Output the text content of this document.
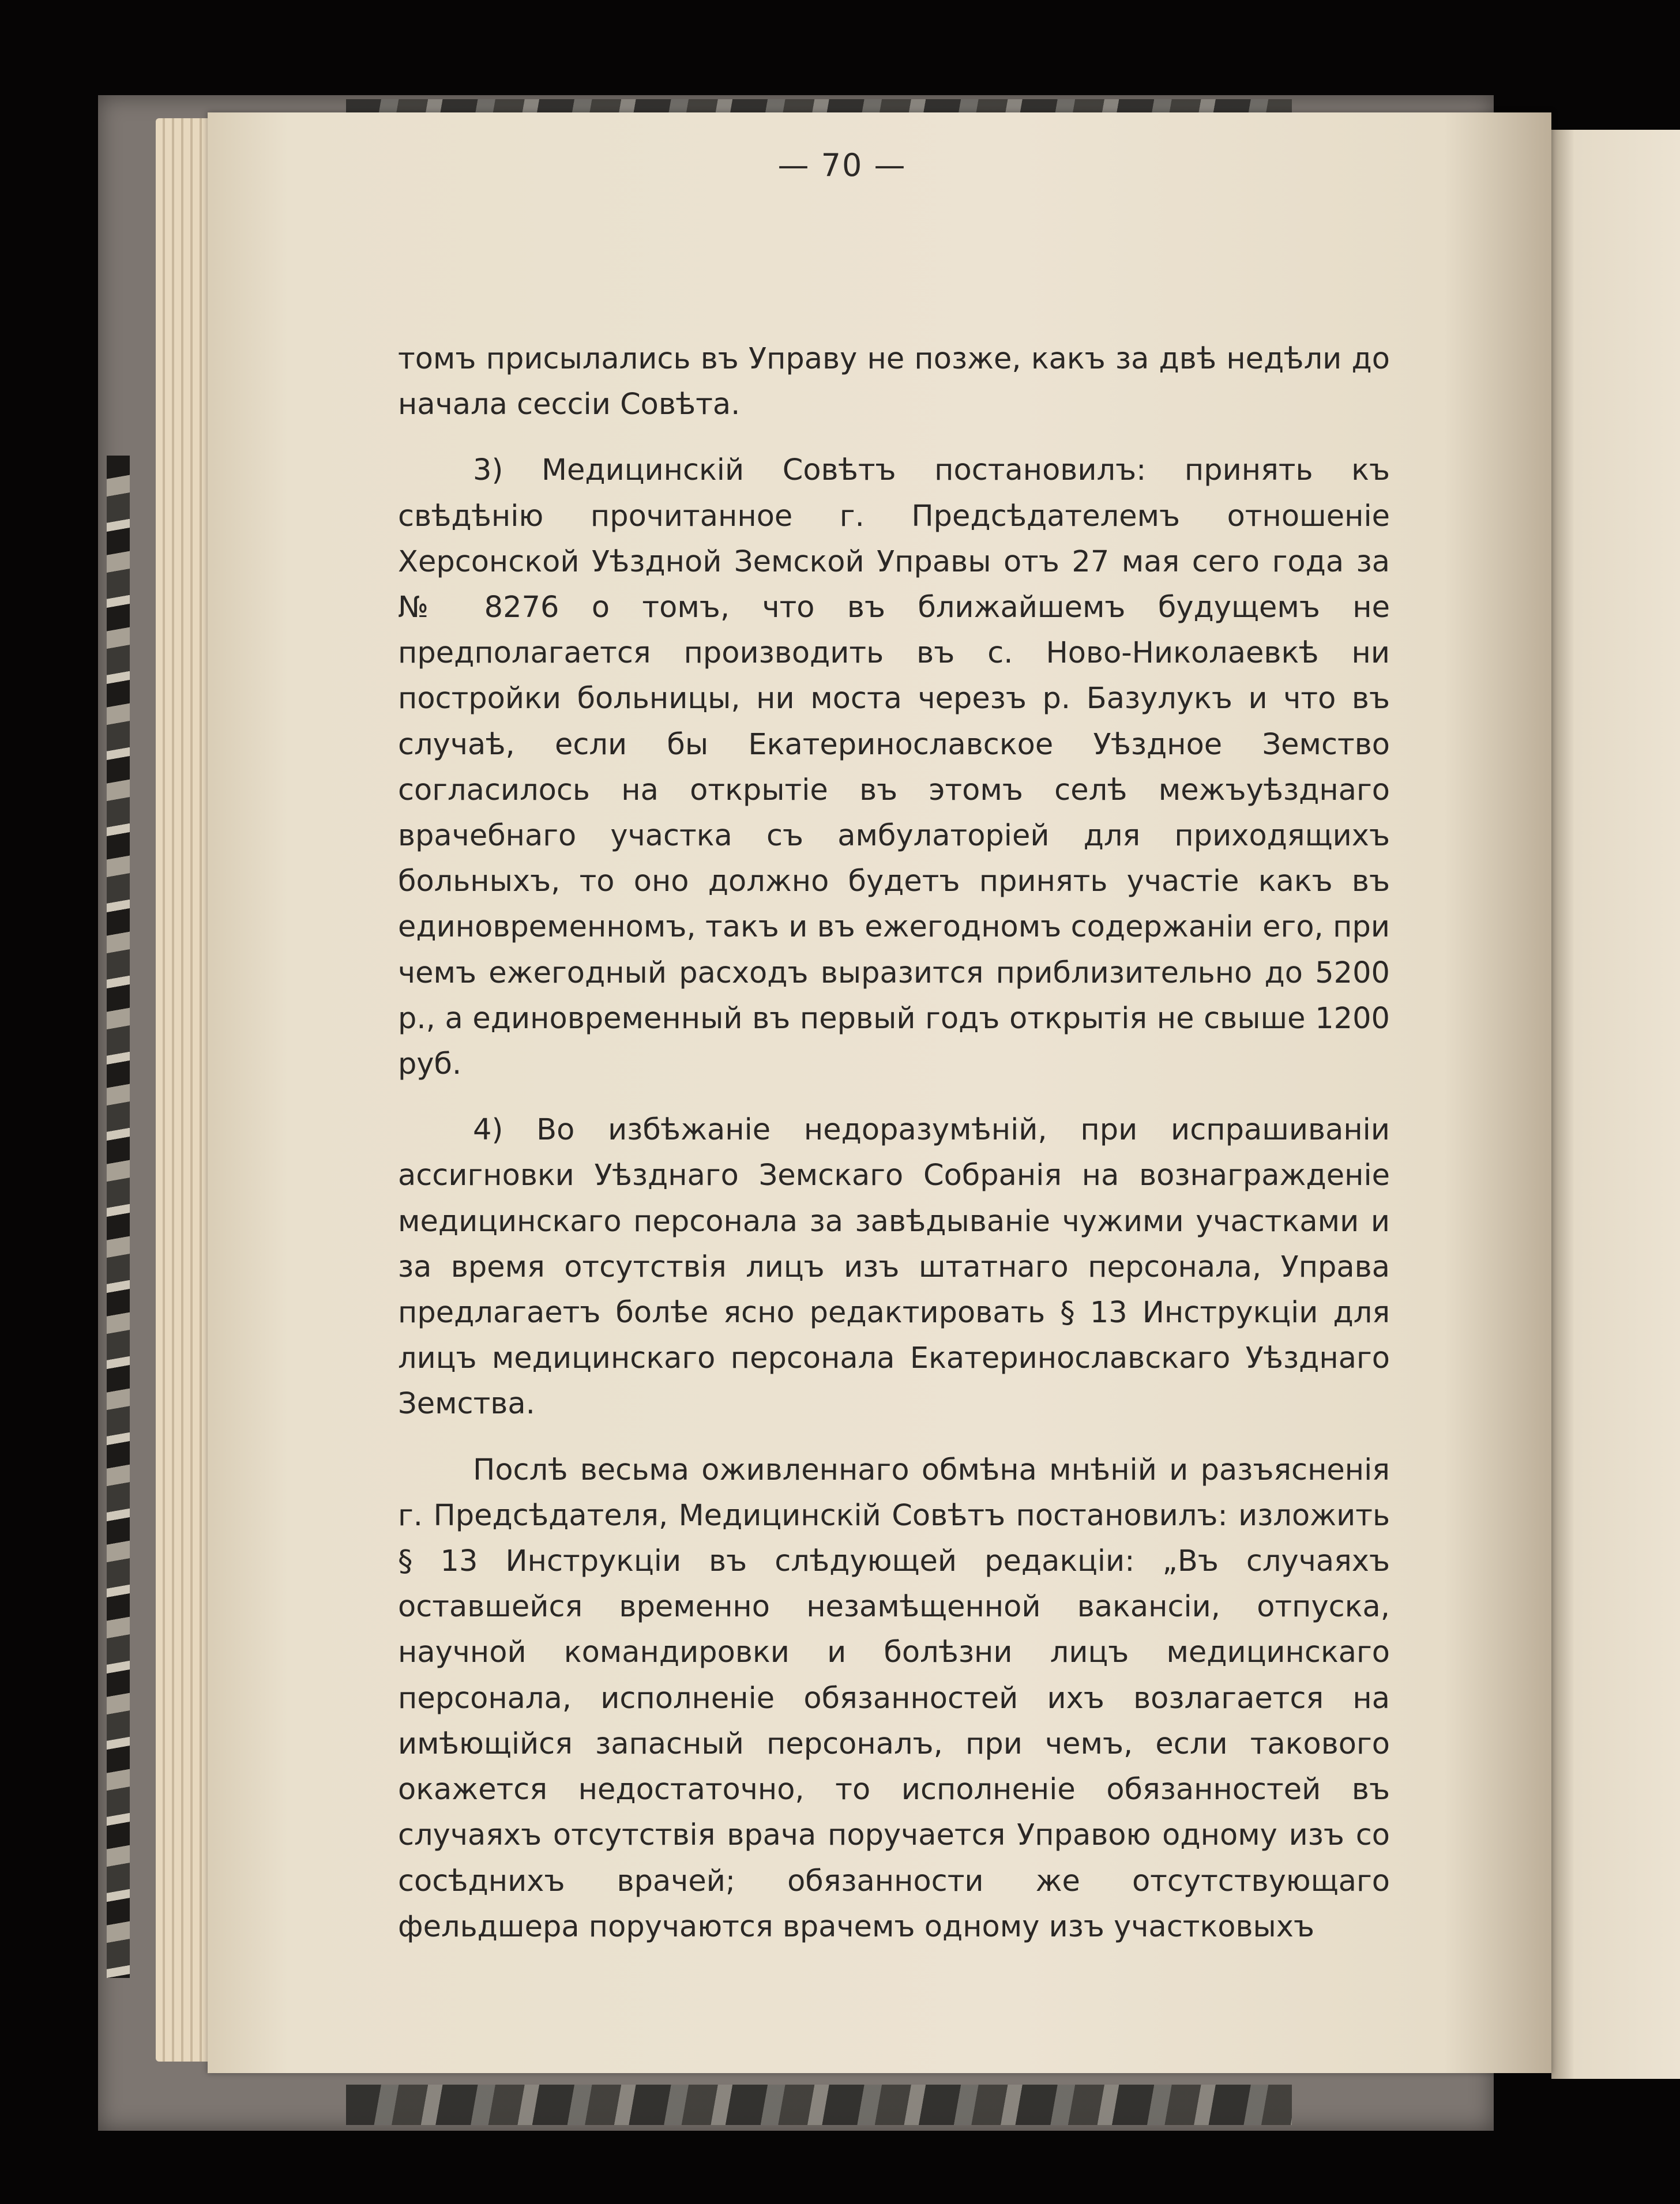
— 70 —

томъ присылались въ Управу не позже, какъ за двѣ недѣли до начала сессіи Совѣта.

3) Медицинскій Совѣтъ постановилъ: принять къ свѣдѣнію прочитанное г. Предсѣдателемъ отношеніе Херсонской Уѣздной Земской Управы отъ 27 мая сего года за № 8276 о томъ, что въ ближайшемъ будущемъ не предполагается производить въ с. Ново-Николаевкѣ ни постройки больницы, ни моста черезъ р. Базулукъ и что въ случаѣ, если бы Екатеринославское Уѣздное Земство согласилось на открытіе въ этомъ селѣ межъуѣзднаго врачебнаго участка съ амбулаторіей для приходящихъ больныхъ, то оно должно будетъ принять участіе какъ въ единовременномъ, такъ и въ ежегодномъ содержаніи его, при чемъ ежегодный расходъ выразится приблизительно до 5200 р., а единовременный въ первый годъ открытія не свыше 1200 руб.

4) Во избѣжаніе недоразумѣній, при испрашиваніи ассигновки Уѣзднаго Земскаго Собранія на вознагражденіе медицинскаго персонала за завѣдываніе чужими участками и за время отсутствія лицъ изъ штатнаго персонала, Управа предлагаетъ болѣе ясно редактировать § 13 Инструкціи для лицъ медицинскаго персонала Екатеринославскаго Уѣзднаго Земства.

Послѣ весьма оживленнаго обмѣна мнѣній и разъясненія г. Предсѣдателя, Медицинскій Совѣтъ постановилъ: изложить § 13 Инструкціи въ слѣдующей редакціи: „Въ случаяхъ оставшейся временно незамѣщенной вакансіи, отпуска, научной командировки и болѣзни лицъ медицинскаго персонала, исполненіе обязанностей ихъ возлагается на имѣющійся запасный персоналъ, при чемъ, если такового окажется недостаточно, то исполненіе обязанностей въ случаяхъ отсутствія врача поручается Управою одному изъ со сосѣднихъ врачей; обязанности же отсутствующаго фельдшера поручаются врачемъ одному изъ участковыхъ
